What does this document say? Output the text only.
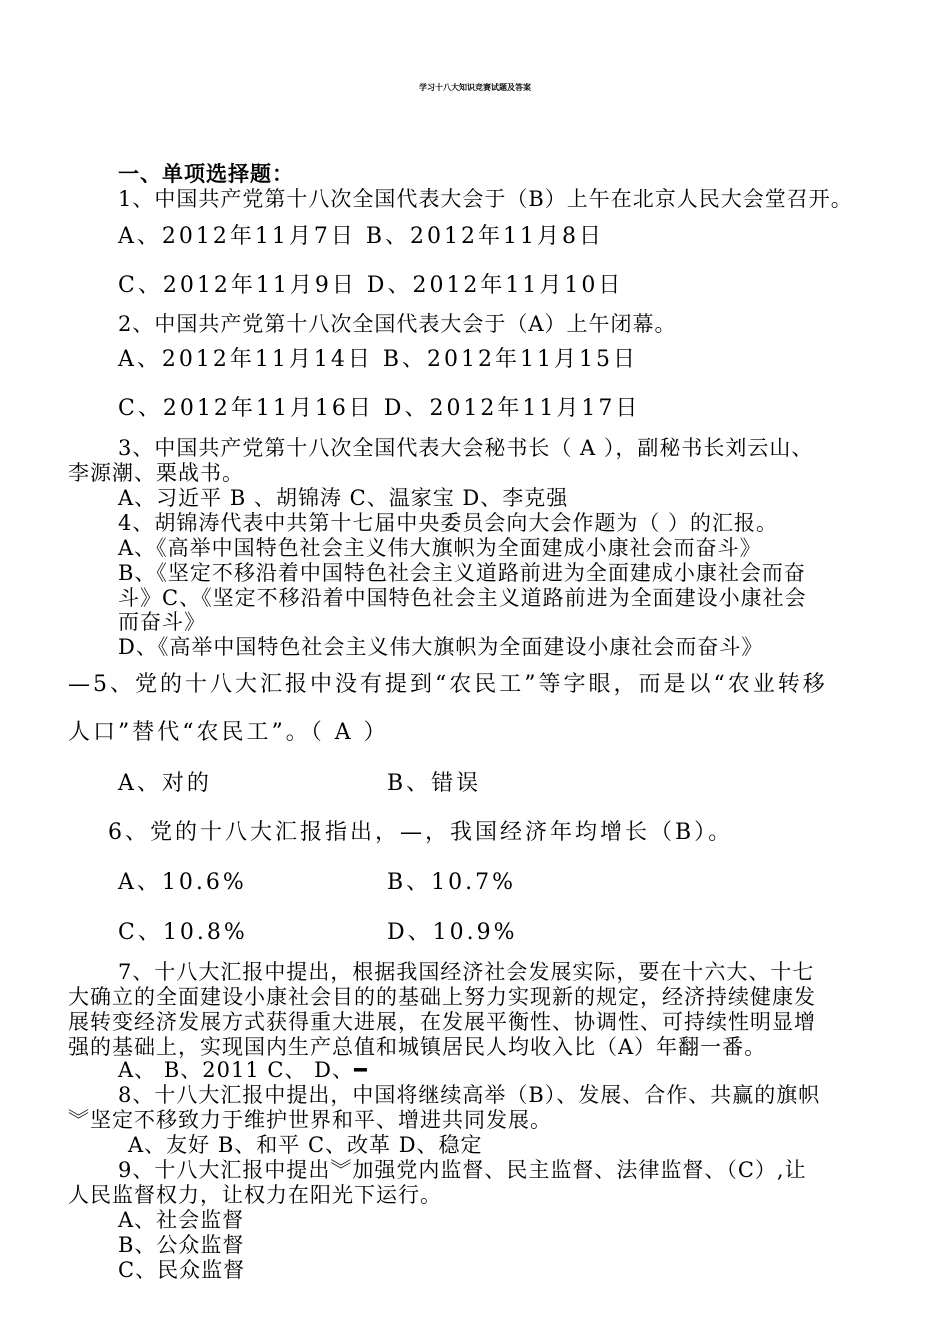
学习十八大知识竞赛试题及答案
一、单项选择题：
1、中国共产党第十八次全国代表大会于（B）上午在北京人民大会堂召开。
A、2012年11月7日 B、2012年11月8日
C、2012年11月9日 D、2012年11月10日
2、中国共产党第十八次全国代表大会于（A）上午闭幕。
A、2012年11月14日 B、2012年11月15日
C、2012年11月16日 D、2012年11月17日
3、中国共产党第十八次全国代表大会秘书长（ A ），副秘书长刘云山、
李源潮、栗战书。
A、习近平 B 、胡锦涛 C、温家宝 D、李克强
4、胡锦涛代表中共第十七届中央委员会向大会作题为（ ）的汇报。
A、《高举中国特色社会主义伟大旗帜为全面建成小康社会而奋斗》
B、《坚定不移沿着中国特色社会主义道路前进为全面建成小康社会而奋
斗》C、《坚定不移沿着中国特色社会主义道路前进为全面建设小康社会
而奋斗》
D、《高举中国特色社会主义伟大旗帜为全面建设小康社会而奋斗》
—5、党的十八大汇报中没有提到“农民工”等字眼，而是以“农业转移
人口”替代“农民工”。（ A ）
A、对的	B、错误
6、党的十八大汇报指出，—，我国经济年均增长（B）。
A、10.6%	B、10.7%
C、10.8%	D、10.9%
7、十八大汇报中提出，根据我国经济社会发展实际，要在十六大、十七
大确立的全面建设小康社会目的的基础上努力实现新的规定，经济持续健康发
展转变经济发展方式获得重大进展，在发展平衡性、协调性、可持续性明显增
强的基础上，实现国内生产总值和城镇居民人均收入比（A）年翻一番。
A、 B、2011 C、 D、━
8、十八大汇报中提出，中国将继续高举（B）、发展、合作、共赢的旗帜
︾坚定不移致力于维护世界和平、增进共同发展。
A、友好 B、和平 C、改革 D、稳定
9、十八大汇报中提出︾加强党内监督、民主监督、法律监督、（C）,让
人民监督权力，让权力在阳光下运行。
A、社会监督
B、公众监督
C、民众监督
